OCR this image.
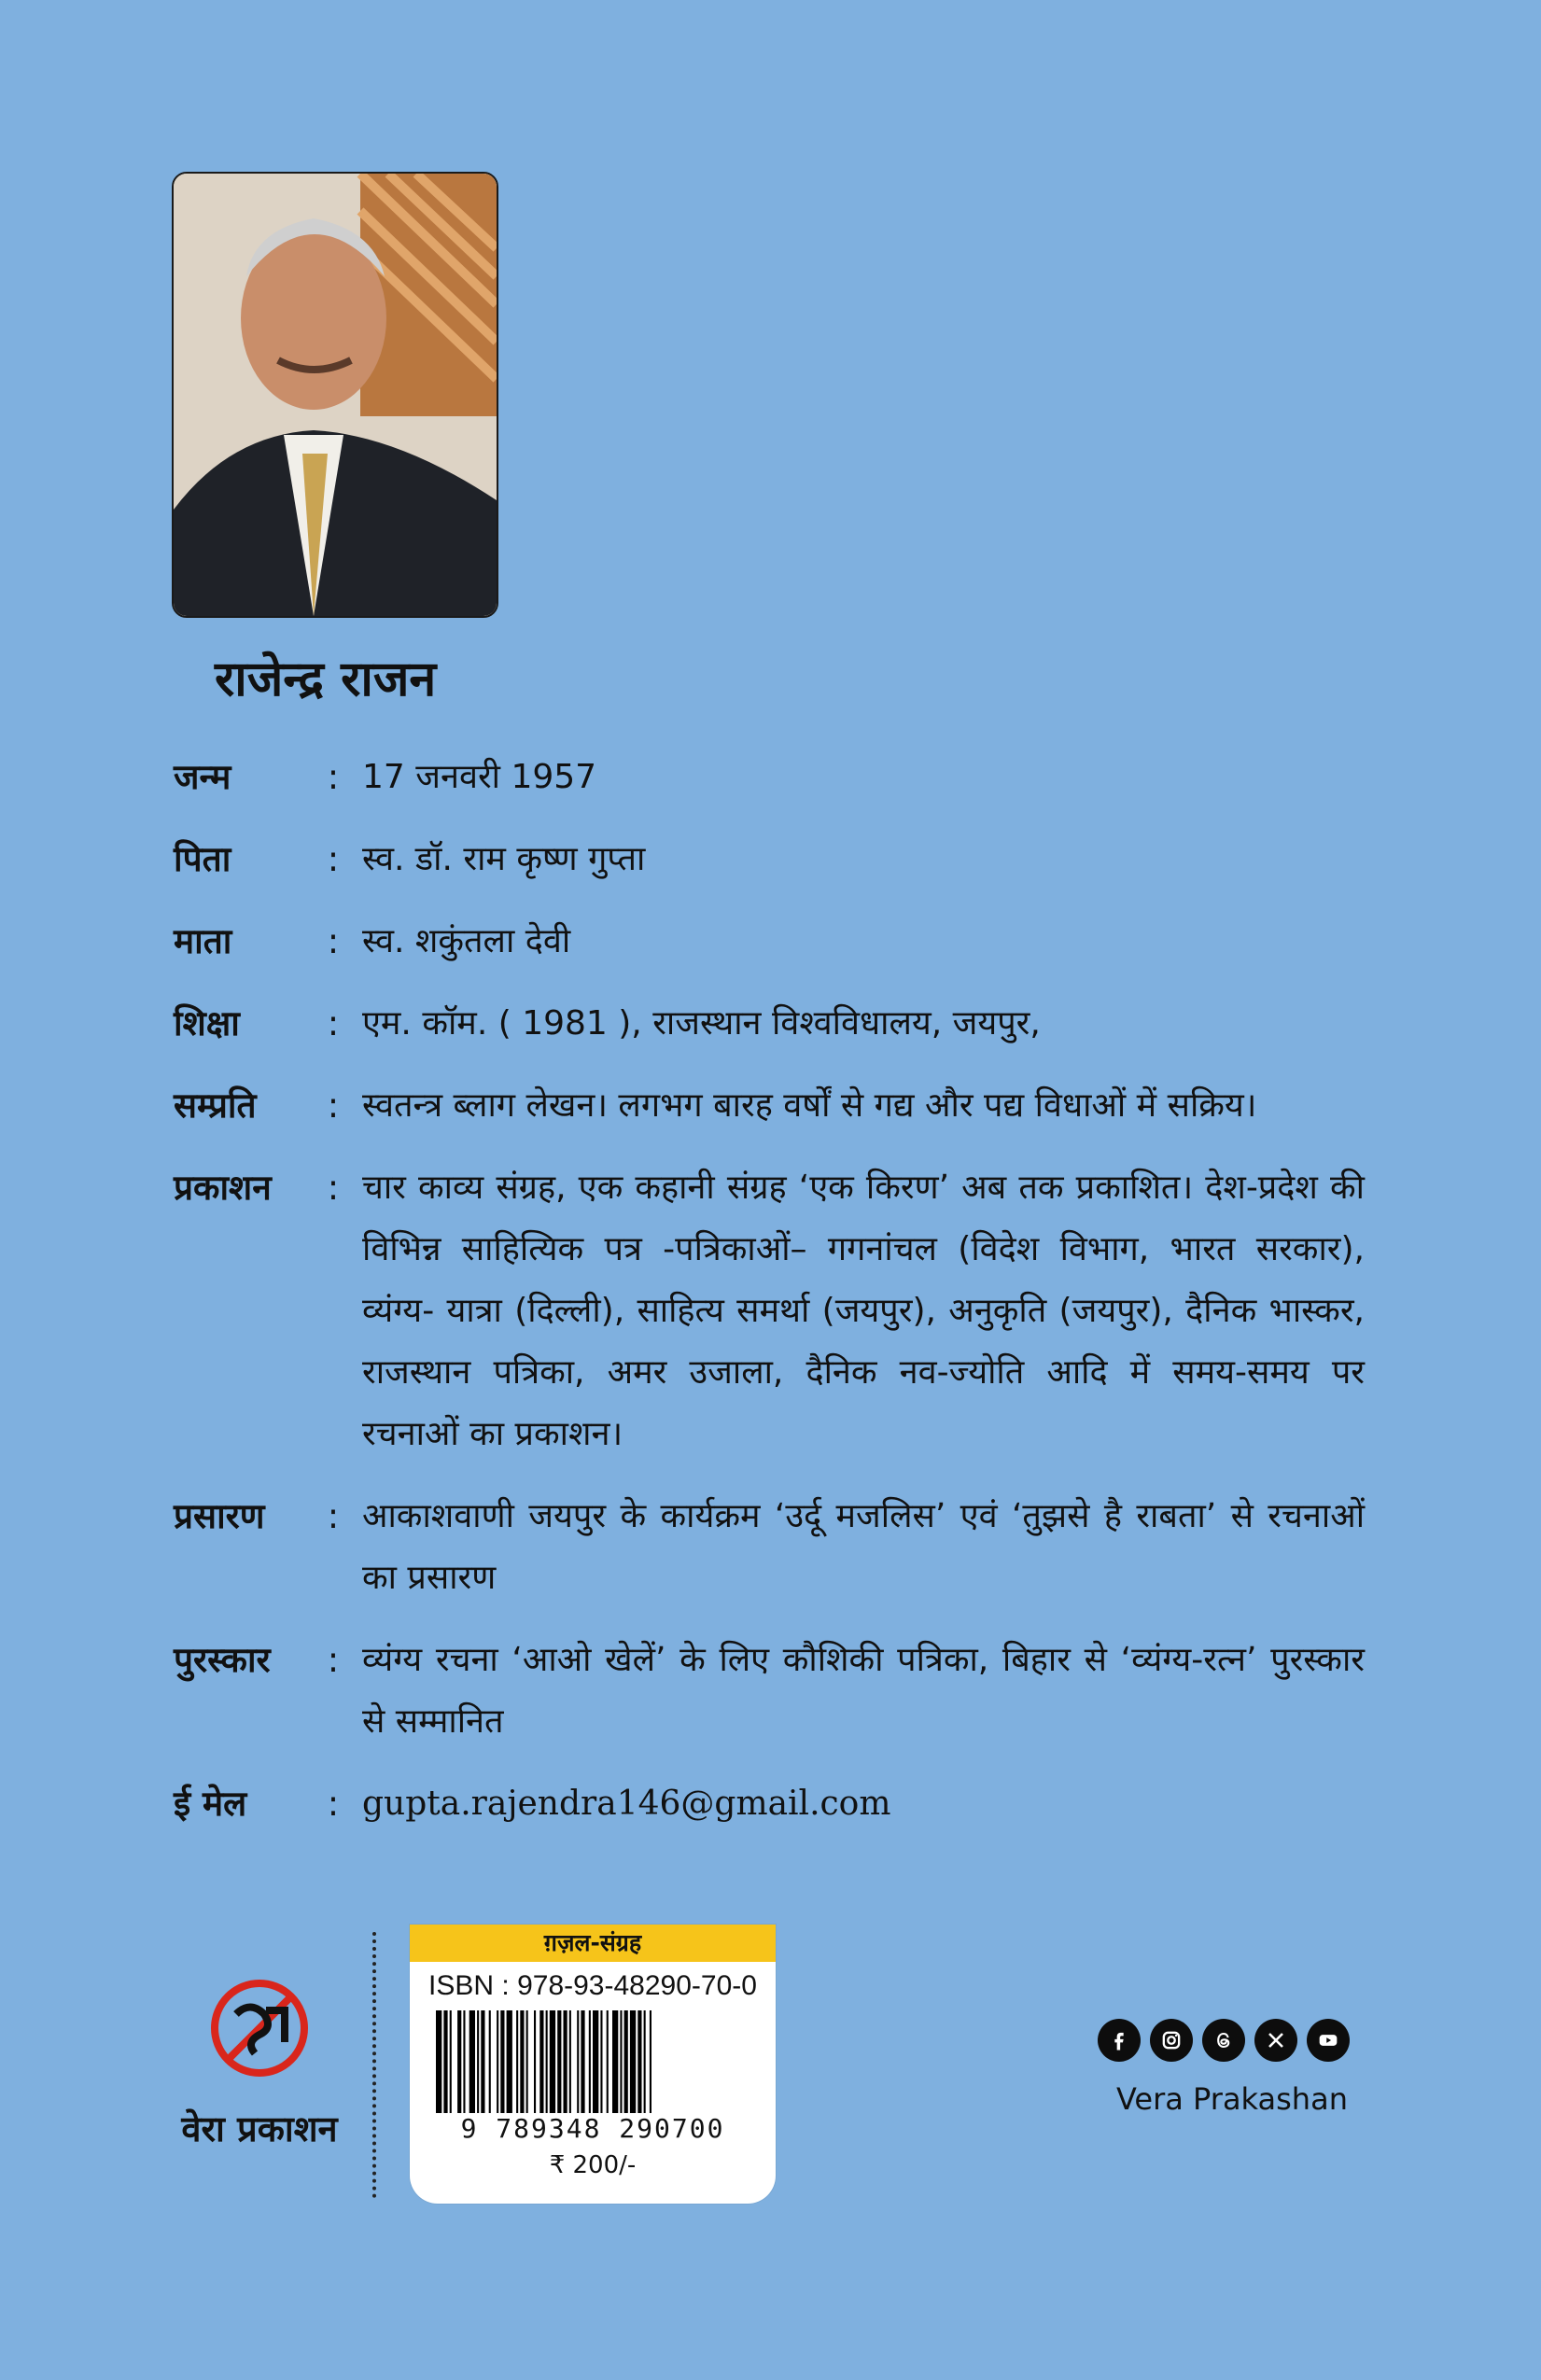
राजेन्द्र राजन
जन्म	: 17 जनवरी 1957
पिता	: स्व. डॉ. राम कृष्ण गुप्ता
माता	: स्व. शकुंतला देवी
शिक्षा	: एम. कॉम. ( 1981 ), राजस्थान विश्वविधालय, जयपुर,
सम्प्रति	: स्वतन्त्र ब्लाग लेखन। लगभग बारह वर्षों से गद्य और पद्य विधाओं में सक्रिय।
प्रकाशन	: चार काव्य संग्रह, एक कहानी संग्रह ‘एक किरण’ अब तक प्रकाशित। देश-प्रदेश की विभिन्न साहित्यिक पत्र -पत्रिकाओं– गगनांचल (विदेश विभाग, भारत सरकार), व्यंग्य- यात्रा (दिल्ली), साहित्य समर्था (जयपुर), अनुकृति (जयपुर), दैनिक भास्कर, राजस्थान पत्रिका, अमर उजाला, दैनिक नव-ज्योति आदि में समय-समय पर रचनाओं का प्रकाशन।
प्रसारण	: आकाशवाणी जयपुर के कार्यक्रम ‘उर्दू मजलिस’ एवं ‘तुझसे है राबता’ से रचनाओं का प्रसारण
पुरस्कार	: व्यंग्य रचना ‘आओ खेलें’ के लिए कौशिकी पत्रिका, बिहार से ‘व्यंग्य-रत्न’ पुरस्कार से सम्मानित
ई मेल	: gupta.rajendra146@gmail.com
वेरा प्रकाशन
ग़ज़ल-संग्रह
ISBN : 978-93-48290-70-0
9 789348 290700
₹ 200/-
Vera Prakashan
